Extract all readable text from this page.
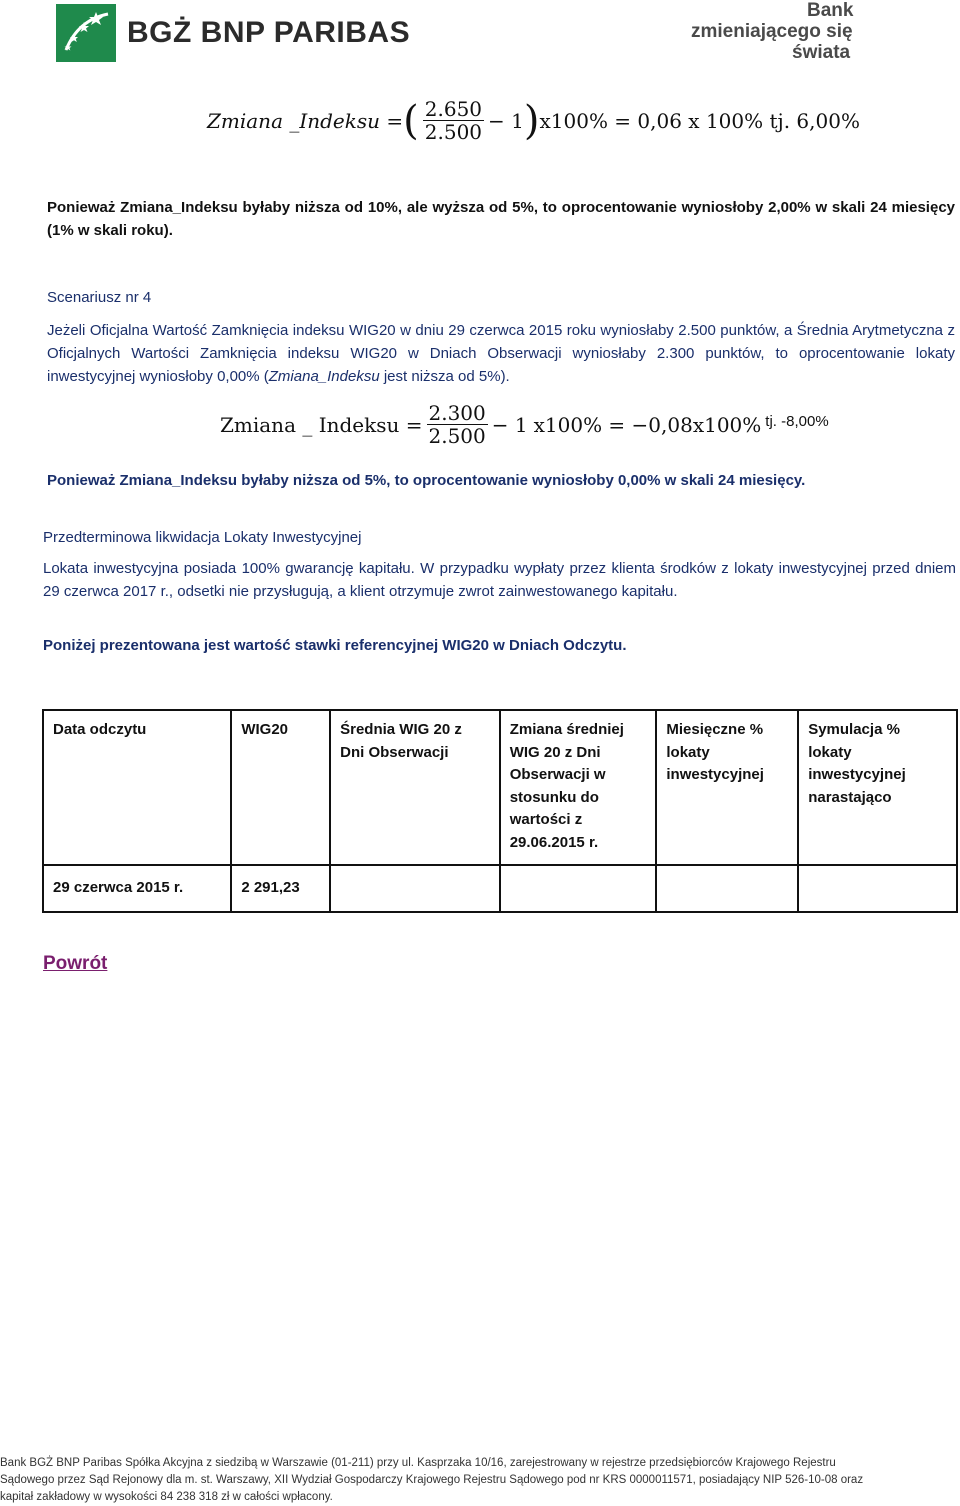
BGŻ BNP PARIBAS
Bank
zmieniającego się
świata
Zmiana _Indeksu = ( $\frac{2.650}{2.500} - 1$ ) x100% = 0,06 x 100% tj. 6,00%
Ponieważ Zmiana_Indeksu byłaby niższa od 10%, ale wyższa od 5%, to oprocentowanie wyniosłoby 2,00% w skali 24 miesięcy (1% w skali roku).
Scenariusz nr 4
Jeżeli Oficjalna Wartość Zamknięcia indeksu WIG20 w dniu 29 czerwca 2015 roku wyniosłaby 2.500 punktów, a Średnia Arytmetyczna z Oficjalnych Wartości Zamknięcia indeksu WIG20 w Dniach Obserwacji wyniosłaby 2.300 punktów, to oprocentowanie lokaty inwestycyjnej wyniosłoby 0,00% (Zmiana_Indeksu jest niższa od 5%).
Zmiana _ Indeksu = $\frac{2.300}{2.500} - 1$ x100% = −0,08x100% tj. -8,00%
Ponieważ Zmiana_Indeksu byłaby niższa od 5%, to oprocentowanie wyniosłoby 0,00% w skali 24 miesięcy.
Przedterminowa likwidacja Lokaty Inwestycyjnej
Lokata inwestycyjna posiada 100% gwarancję kapitału. W przypadku wypłaty przez klienta środków z lokaty inwestycyjnej przed dniem 29 czerwca 2017 r., odsetki nie przysługują, a klient otrzymuje zwrot zainwestowanego kapitału.
Poniżej prezentowana jest wartość stawki referencyjnej WIG20 w Dniach Odczytu.
Data odczytu	WIG20	Średnia WIG 20 z Dni Obserwacji	Zmiana średniej WIG 20 z Dni Obserwacji w stosunku do wartości z 29.06.2015 r.	Miesięczne % lokaty inwestycyjnej	Symulacja % lokaty inwestycyjnej narastająco
29 czerwca 2015 r.	2 291,23				
Powrót
Bank BGŻ BNP Paribas Spółka Akcyjna z siedzibą w Warszawie (01-211) przy ul. Kasprzaka 10/16, zarejestrowany w rejestrze przedsiębiorców Krajowego Rejestru
Sądowego przez Sąd Rejonowy dla m. st. Warszawy, XII Wydział Gospodarczy Krajowego Rejestru Sądowego pod nr KRS 0000011571, posiadający NIP 526-10-08 oraz
kapitał zakładowy w wysokości 84 238 318 zł w całości wpłacony.
